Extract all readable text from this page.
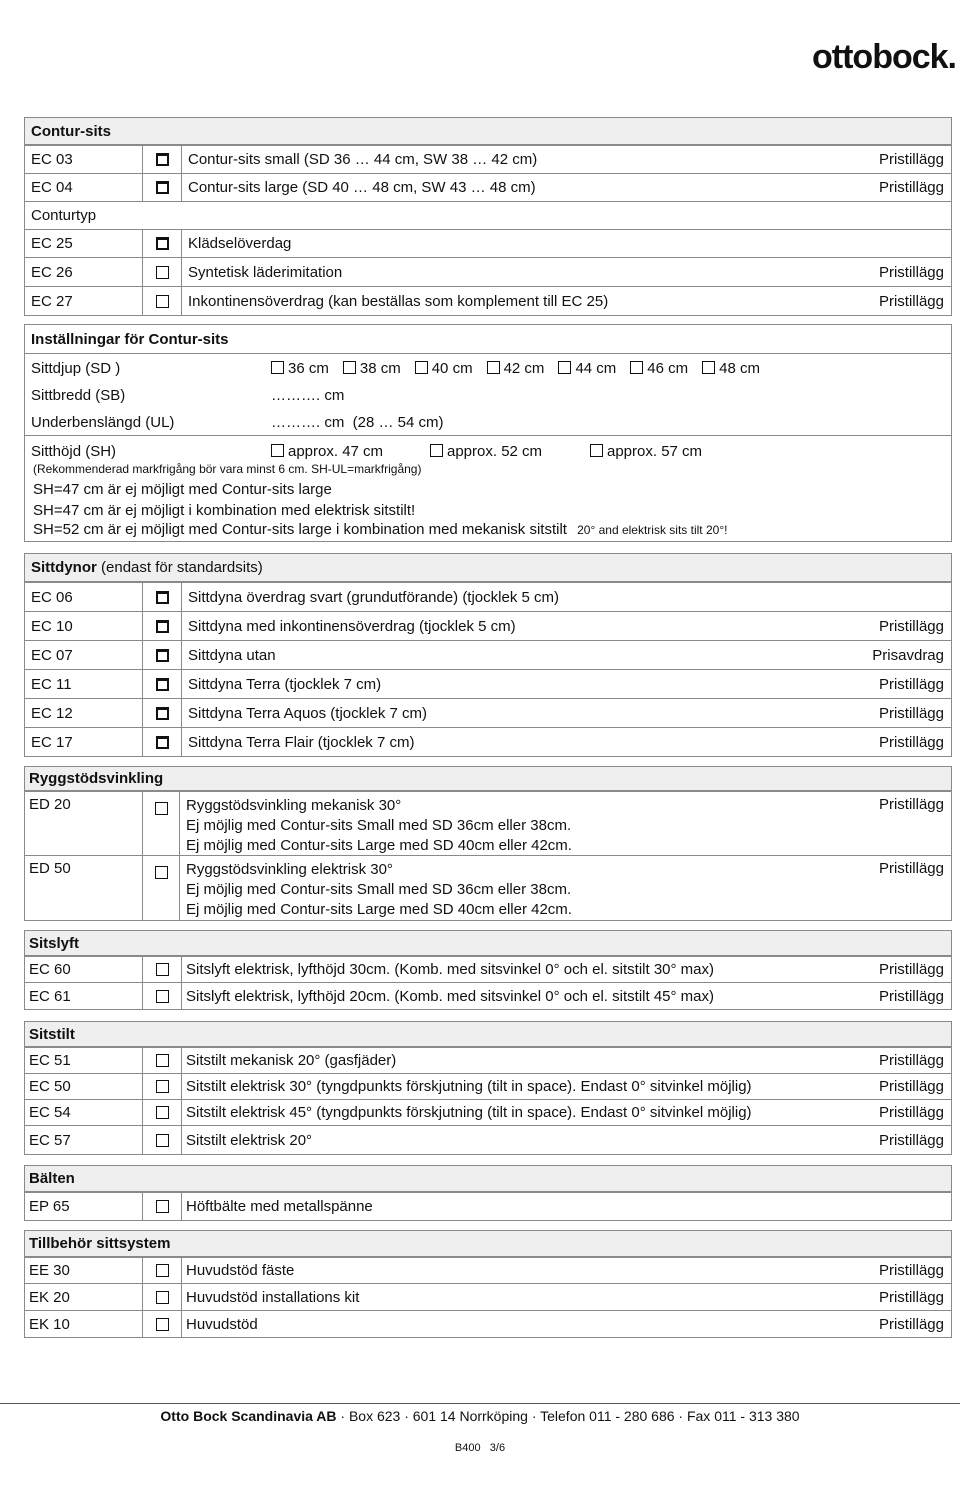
ottobock.
Contur-sits
EC 03	Contur-sits small (SD 36 … 44 cm, SW 38 … 42 cm)	Pristillägg
EC 04	Contur-sits large (SD 40 … 48 cm, SW 43 … 48 cm)	Pristillägg
Conturtyp
EC 25	Klädselöverdag
EC 26	Syntetisk läderimitation	Pristillägg
EC 27	Inkontinensöverdrag (kan beställas som komplement till EC 25)	Pristillägg
Inställningar för Contur-sits
Sittdjup (SD )	36 cm 38 cm 40 cm 42 cm 44 cm 46 cm 48 cm
Sittbredd (SB)	………. cm
Underbenslängd (UL)	………. cm  (28 … 54 cm)
Sitthöjd (SH)	approx. 47 cm	approx. 52 cm	approx. 57 cm
(Rekommenderad markfrigång bör vara minst 6 cm. SH-UL=markfrigång)
SH=47 cm är ej möjligt med Contur-sits large
SH=47 cm är ej möjligt i kombination med elektrisk sitstilt!
SH=52 cm är ej möjligt med Contur-sits large i kombination med mekanisk sitstilt 20° and elektrisk sits tilt 20°!
Sittdynor (endast för standardsits)
EC 06	Sittdyna överdrag svart (grundutförande) (tjocklek 5 cm)
EC 10	Sittdyna med inkontinensöverdrag (tjocklek 5 cm)	Pristillägg
EC 07	Sittdyna utan	Prisavdrag
EC 11	Sittdyna Terra (tjocklek 7 cm)	Pristillägg
EC 12	Sittdyna Terra Aquos (tjocklek 7 cm)	Pristillägg
EC 17	Sittdyna Terra Flair (tjocklek 7 cm)	Pristillägg
Ryggstödsvinkling
ED 20	Ryggstödsvinkling mekanisk 30°
Ej möjlig med Contur-sits Small med SD 36cm eller 38cm.
Ej möjlig med Contur-sits Large med SD 40cm eller 42cm.
Pristillägg
ED 50	Ryggstödsvinkling elektrisk 30°
Ej möjlig med Contur-sits Small med SD 36cm eller 38cm.
Ej möjlig med Contur-sits Large med SD 40cm eller 42cm.
Pristillägg
Sitslyft
EC 60	Sitslyft elektrisk, lyfthöjd 30cm. (Komb. med sitsvinkel 0° och el. sitstilt 30° max)	Pristillägg
EC 61	Sitslyft elektrisk, lyfthöjd 20cm. (Komb. med sitsvinkel 0° och el. sitstilt 45° max)	Pristillägg
Sitstilt
EC 51	Sitstilt mekanisk 20° (gasfjäder)	Pristillägg
EC 50	Sitstilt elektrisk 30° (tyngdpunkts förskjutning (tilt in space). Endast 0° sitvinkel möjlig)	Pristillägg
EC 54	Sitstilt elektrisk 45° (tyngdpunkts förskjutning (tilt in space). Endast 0° sitvinkel möjlig)	Pristillägg
EC 57	Sitstilt elektrisk 20°	Pristillägg
Bälten
EP 65	Höftbälte med metallspänne
Tillbehör sittsystem
EE 30	Huvudstöd fäste	Pristillägg
EK 20	Huvudstöd installations kit	Pristillägg
EK 10	Huvudstöd	Pristillägg
Otto Bock Scandinavia AB · Box 623 · 601 14 Norrköping · Telefon 011 - 280 686 · Fax 011 - 313 380
B400   3/6
